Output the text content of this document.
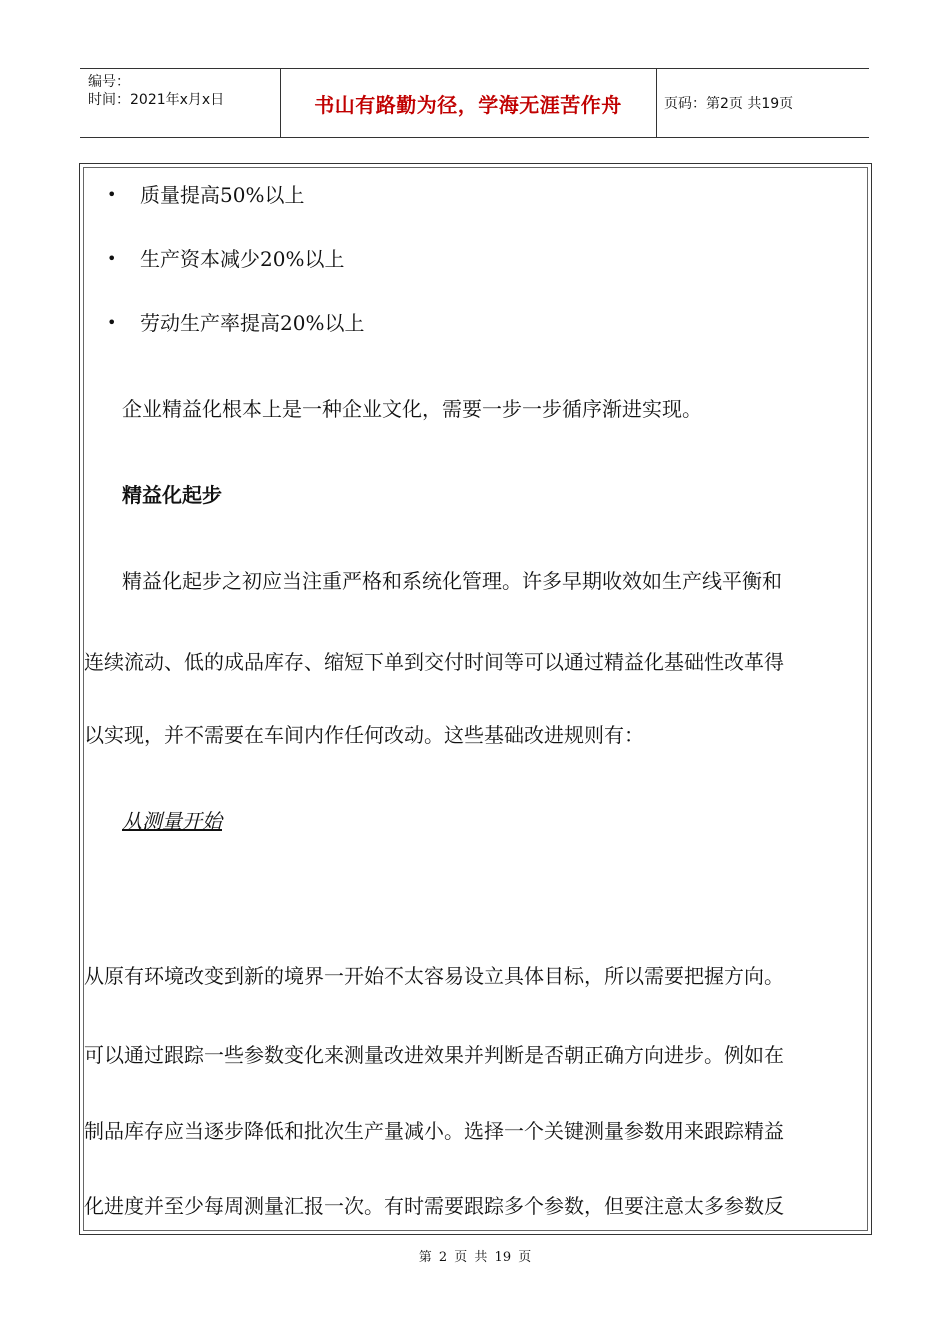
编号：
时间：2021年x月x日	书山有路勤为径，学海无涯苦作舟	页码：第2页 共19页
• 质量提高50%以上
• 生产资本减少20%以上
• 劳动生产率提高20%以上
企业精益化根本上是一种企业文化，需要一步一步循序渐进实现。
精益化起步
精益化起步之初应当注重严格和系统化管理。许多早期收效如生产线平衡和
连续流动、低的成品库存、缩短下单到交付时间等可以通过精益化基础性改革得
以实现，并不需要在车间内作任何改动。这些基础改进规则有：
从测量开始
从原有环境改变到新的境界一开始不太容易设立具体目标，所以需要把握方向。
可以通过跟踪一些参数变化来测量改进效果并判断是否朝正确方向进步。例如在
制品库存应当逐步降低和批次生产量减小。选择一个关键测量参数用来跟踪精益
化进度并至少每周测量汇报一次。有时需要跟踪多个参数，但要注意太多参数反
第 2 页 共 19 页
